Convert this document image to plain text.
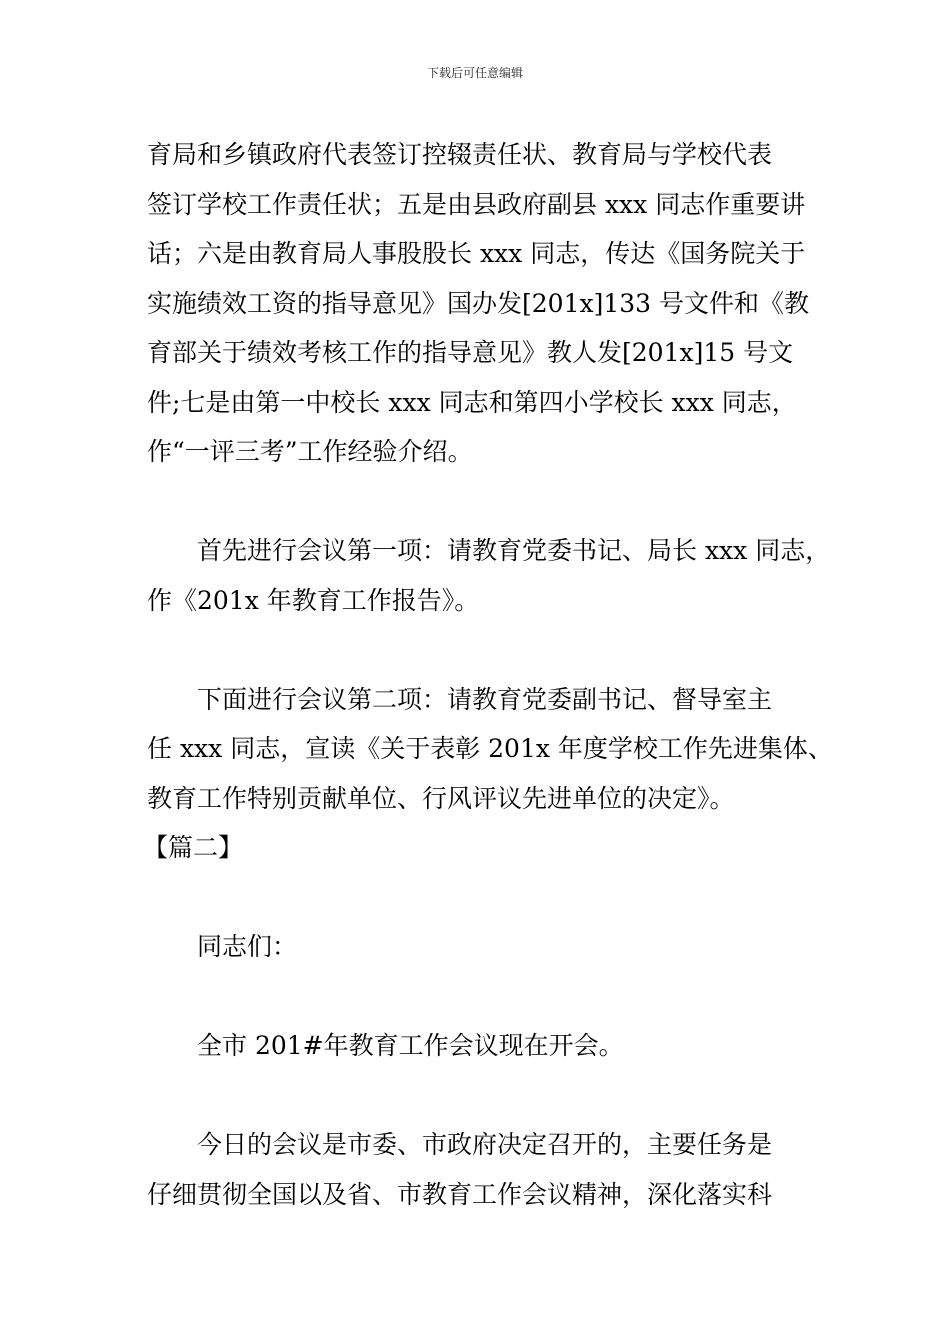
下载后可任意编辑
育局和乡镇政府代表签订控辍责任状、教育局与学校代表
签订学校工作责任状；五是由县政府副县 xxx 同志作重要讲
话；六是由教育局人事股股长 xxx 同志，传达《国务院关于
实施绩效工资的指导意见》国办发[201x]133 号文件和《教
育部关于绩效考核工作的指导意见》教人发[201x]15 号文
件;七是由第一中校长 xxx 同志和第四小学校长 xxx 同志，
作“一评三考”工作经验介绍。
首先进行会议第一项：请教育党委书记、局长 xxx 同志，
作《201x 年教育工作报告》。
下面进行会议第二项：请教育党委副书记、督导室主
任 xxx 同志，宣读《关于表彰 201x 年度学校工作先进集体、
教育工作特别贡献单位、行风评议先进单位的决定》。
【篇二】
同志们：
全市 201#年教育工作会议现在开会。
今日的会议是市委、市政府决定召开的，主要任务是
仔细贯彻全国以及省、市教育工作会议精神，深化落实科
